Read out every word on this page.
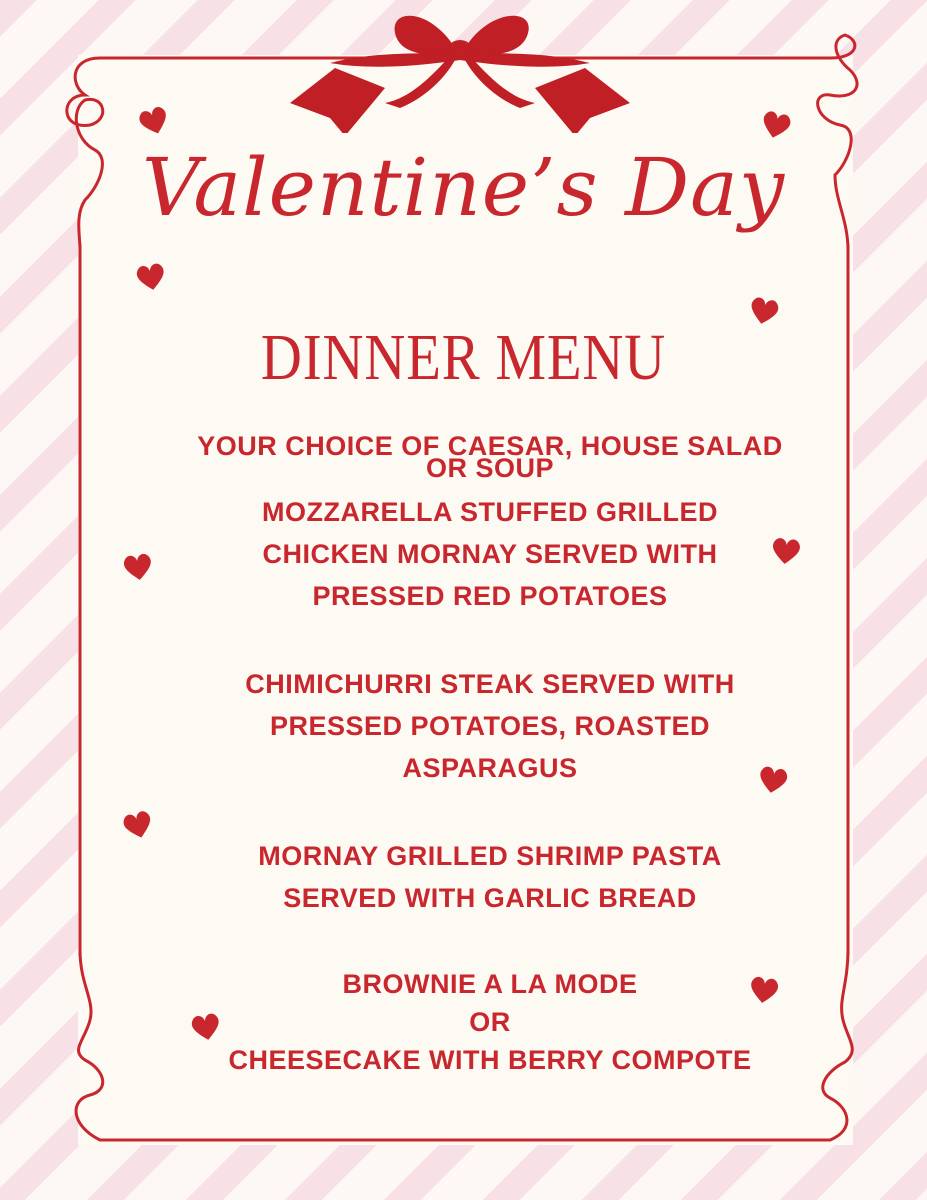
Valentine’s Day
DINNER MENU
YOUR CHOICE OF CAESAR, HOUSE SALAD
OR SOUP
MOZZARELLA STUFFED GRILLED
CHICKEN MORNAY SERVED WITH
PRESSED RED POTATOES
CHIMICHURRI STEAK SERVED WITH
PRESSED POTATOES, ROASTED
ASPARAGUS
MORNAY GRILLED SHRIMP PASTA
SERVED WITH GARLIC BREAD
BROWNIE A LA MODE
OR
CHEESECAKE WITH BERRY COMPOTE
